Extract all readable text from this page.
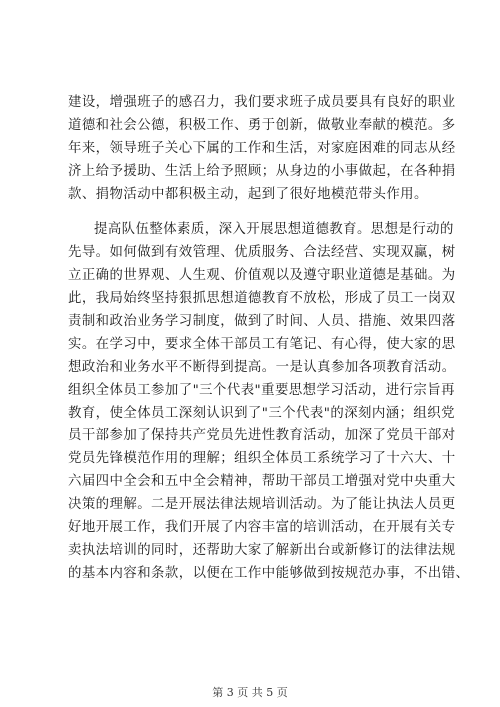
建设，增强班子的感召力，我们要求班子成员要具有良好的职业
道德和社会公德，积极工作、勇于创新，做敬业奉献的模范。多
年来，领导班子关心下属的工作和生活，对家庭困难的同志从经
济上给予援助、生活上给予照顾；从身边的小事做起，在各种捐
款、捐物活动中都积极主动，起到了很好地模范带头作用。
提高队伍整体素质，深入开展思想道德教育。思想是行动的
先导。如何做到有效管理、优质服务、合法经营、实现双赢，树
立正确的世界观、人生观、价值观以及遵守职业道德是基础。为
此，我局始终坚持狠抓思想道德教育不放松，形成了员工一岗双
责制和政治业务学习制度，做到了时间、人员、措施、效果四落
实。在学习中，要求全体干部员工有笔记、有心得，使大家的思
想政治和业务水平不断得到提高。一是认真参加各项教育活动。
组织全体员工参加了"三个代表"重要思想学习活动，进行宗旨再
教育，使全体员工深刻认识到了"三个代表"的深刻内涵；组织党
员干部参加了保持共产党员先进性教育活动，加深了党员干部对
党员先锋模范作用的理解；组织全体员工系统学习了十六大、十
六届四中全会和五中全会精神，帮助干部员工增强对党中央重大
决策的理解。二是开展法律法规培训活动。为了能让执法人员更
好地开展工作，我们开展了内容丰富的培训活动，在开展有关专
卖执法培训的同时，还帮助大家了解新出台或新修订的法律法规
的基本内容和条款，以便在工作中能够做到按规范办事，不出错、
第 3 页 共 5 页
